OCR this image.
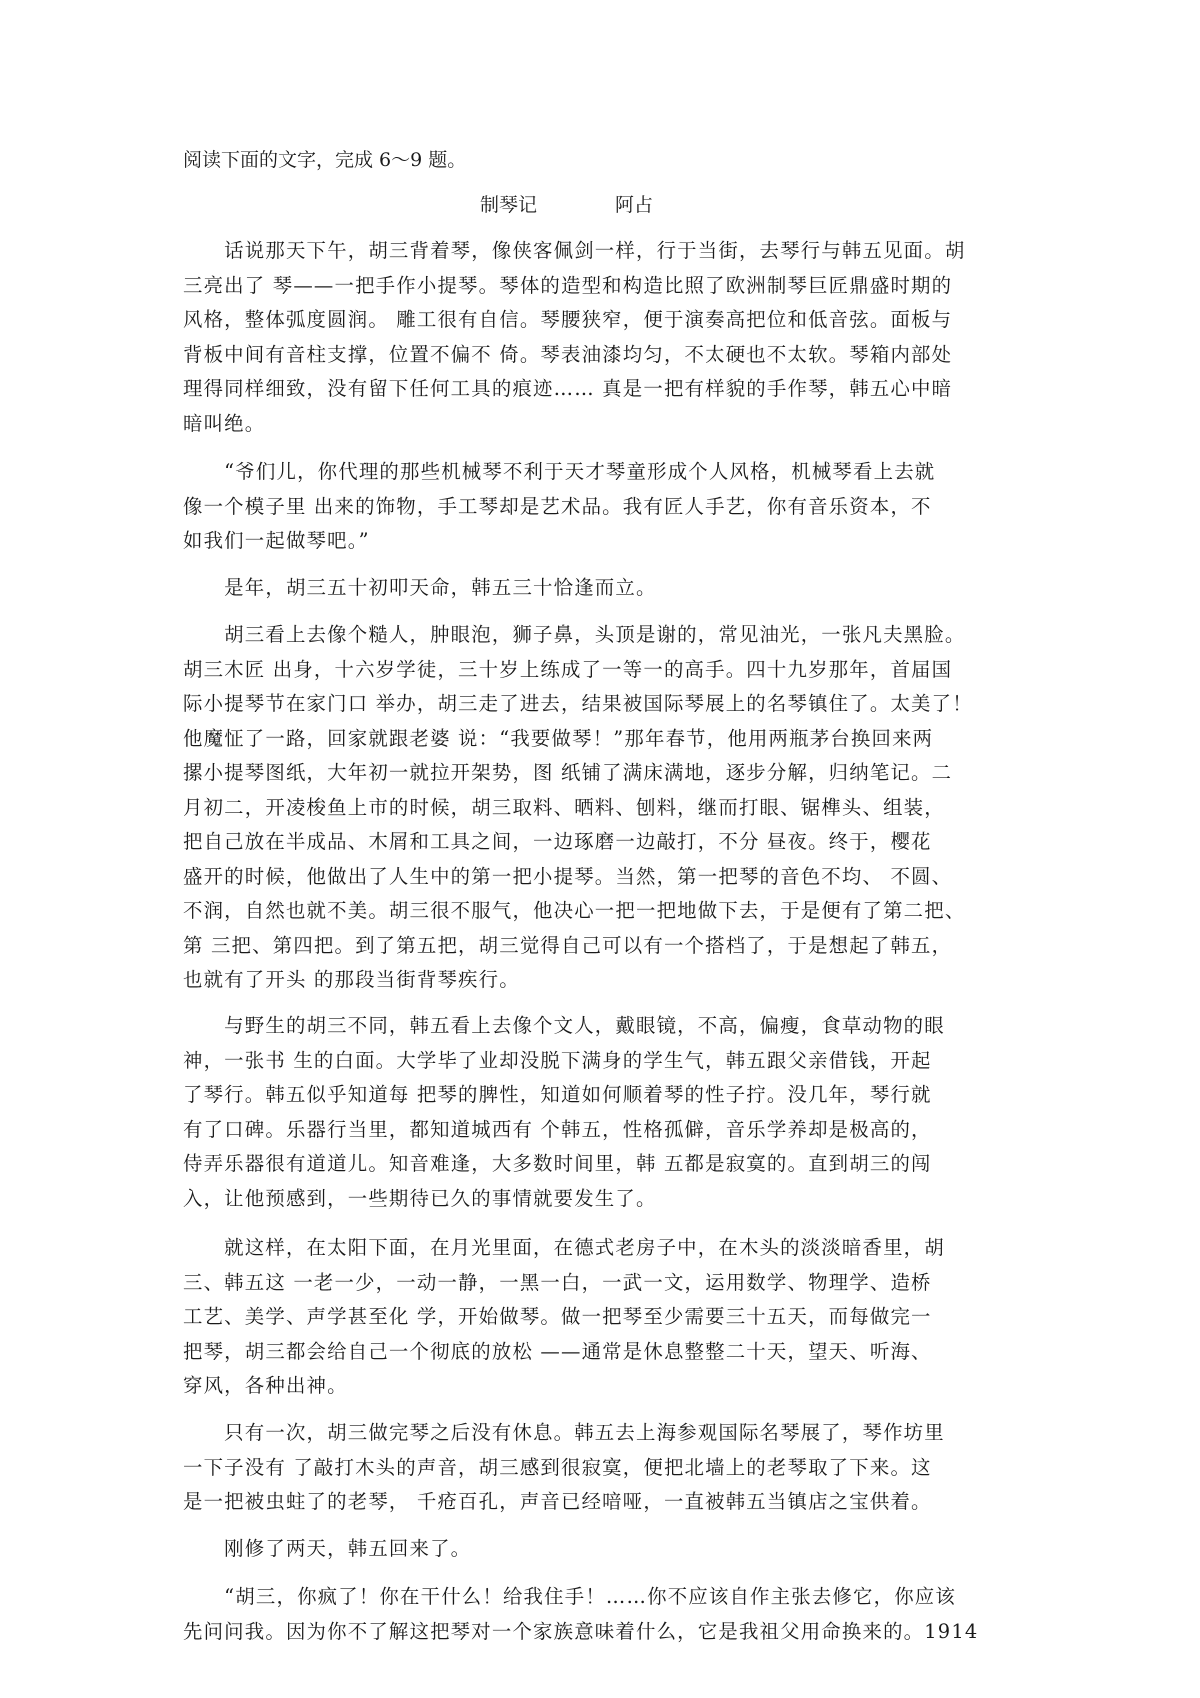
阅读下面的文字，完成 6～9 题。
制琴记	阿占
　　话说那天下午，胡三背着琴，像侠客佩剑一样，行于当街，去琴行与韩五见面。胡
三亮出了 琴——一把手作小提琴。琴体的造型和构造比照了欧洲制琴巨匠鼎盛时期的
风格，整体弧度圆润。 雕工很有自信。琴腰狭窄，便于演奏高把位和低音弦。面板与
背板中间有音柱支撑，位置不偏不 倚。琴表油漆均匀，不太硬也不太软。琴箱内部处
理得同样细致，没有留下任何工具的痕迹…… 真是一把有样貌的手作琴，韩五心中暗
暗叫绝。
　　“爷们儿，你代理的那些机械琴不利于天才琴童形成个人风格，机械琴看上去就
像一个模子里 出来的饰物，手工琴却是艺术品。我有匠人手艺，你有音乐资本，不
如我们一起做琴吧。”
　　是年，胡三五十初叩天命，韩五三十恰逢而立。
　　胡三看上去像个糙人，肿眼泡，狮子鼻，头顶是谢的，常见油光，一张凡夫黑脸。
胡三木匠 出身，十六岁学徒，三十岁上练成了一等一的高手。四十九岁那年，首届国
际小提琴节在家门口 举办，胡三走了进去，结果被国际琴展上的名琴镇住了。太美了！
他魔怔了一路，回家就跟老婆 说：“我要做琴！”那年春节，他用两瓶茅台换回来两
摞小提琴图纸，大年初一就拉开架势，图 纸铺了满床满地，逐步分解，归纳笔记。二
月初二，开凌梭鱼上市的时候，胡三取料、晒料、刨料，继而打眼、锯榫头、组装，
把自己放在半成品、木屑和工具之间，一边琢磨一边敲打，不分 昼夜。终于，樱花
盛开的时候，他做出了人生中的第一把小提琴。当然，第一把琴的音色不均、 不圆、
不润，自然也就不美。胡三很不服气，他决心一把一把地做下去，于是便有了第二把、
第 三把、第四把。到了第五把，胡三觉得自己可以有一个搭档了，于是想起了韩五，
也就有了开头 的那段当街背琴疾行。
　　与野生的胡三不同，韩五看上去像个文人，戴眼镜，不高，偏瘦，食草动物的眼
神，一张书 生的白面。大学毕了业却没脱下满身的学生气，韩五跟父亲借钱，开起
了琴行。韩五似乎知道每 把琴的脾性，知道如何顺着琴的性子拧。没几年，琴行就
有了口碑。乐器行当里，都知道城西有 个韩五，性格孤僻，音乐学养却是极高的，
侍弄乐器很有道道儿。知音难逢，大多数时间里，韩 五都是寂寞的。直到胡三的闯
入，让他预感到，一些期待已久的事情就要发生了。
　　就这样，在太阳下面，在月光里面，在德式老房子中，在木头的淡淡暗香里，胡
三、韩五这 一老一少，一动一静，一黑一白，一武一文，运用数学、物理学、造桥
工艺、美学、声学甚至化 学，开始做琴。做一把琴至少需要三十五天，而每做完一
把琴，胡三都会给自己一个彻底的放松 ——通常是休息整整二十天，望天、听海、
穿风，各种出神。
　　只有一次，胡三做完琴之后没有休息。韩五去上海参观国际名琴展了，琴作坊里
一下子没有 了敲打木头的声音，胡三感到很寂寞，便把北墙上的老琴取了下来。这
是一把被虫蛀了的老琴， 千疮百孔，声音已经喑哑，一直被韩五当镇店之宝供着。
　　刚修了两天，韩五回来了。
　　“胡三，你疯了！你在干什么！给我住手！……你不应该自作主张去修它，你应该
先问问我。因为你不了解这把琴对一个家族意味着什么，它是我祖父用命换来的。1914
